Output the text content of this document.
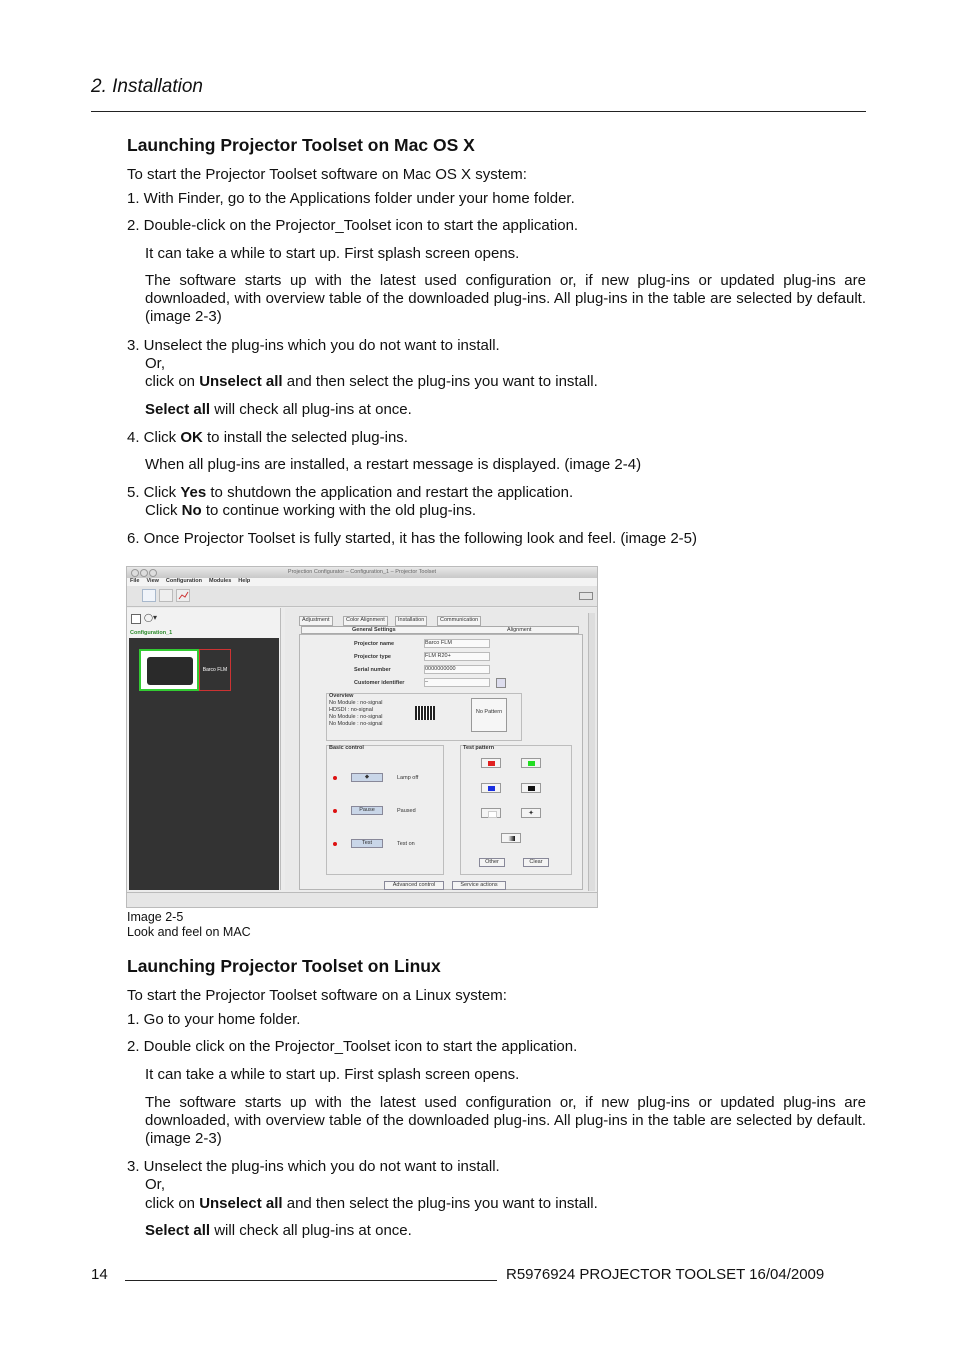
2. Installation
Launching Projector Toolset on Mac OS X
To start the Projector Toolset software on Mac OS X system:
1. With Finder, go to the Applications folder under your home folder.
2. Double-click on the Projector_Toolset icon to start the application.
It can take a while to start up. First splash screen opens.
The software starts up with the latest used configuration or, if new plug-ins or updated plug-ins are downloaded, with overview table of the downloaded plug-ins. All plug-ins in the table are selected by default. (image 2-3)
3. Unselect the plug-ins which you do not want to install.
Or,
click on Unselect all and then select the plug-ins you want to install.
Select all will check all plug-ins at once.
4. Click OK to install the selected plug-ins.
When all plug-ins are installed, a restart message is displayed. (image 2-4)
5. Click Yes to shutdown the application and restart the application.
Click No to continue working with the old plug-ins.
6. Once Projector Toolset is fully started, it has the following look and feel. (image 2-5)
Projection Configurator – Configuration_1 – Projector Toolset
File View Configuration Modules Help
◯▾
Configuration_1
Barco FLM
Adjustment	Color Alignment	Installation	Communication
General Settings	Alignment
Projector name	Barco FLM
Projector type	FLM R20+
Serial number	0000000000
Customer identifier	–
Overview
No Module : no-signal
HDSDI : no-signal
No Module : no-signal
No Module : no-signal
No Pattern
Basic control
◆	Lamp off
Pause	Paused
Test	Test on
Test pattern
✦
Other	Clear
Advanced control	Service actions
Image 2-5
Look and feel on MAC
Launching Projector Toolset on Linux
To start the Projector Toolset software on a Linux system:
1. Go to your home folder.
2. Double click on the Projector_Toolset icon to start the application.
It can take a while to start up. First splash screen opens.
The software starts up with the latest used configuration or, if new plug-ins or updated plug-ins are downloaded, with overview table of the downloaded plug-ins. All plug-ins in the table are selected by default. (image 2-3)
3. Unselect the plug-ins which you do not want to install.
Or,
click on Unselect all and then select the plug-ins you want to install.
Select all will check all plug-ins at once.
14	R5976924 PROJECTOR TOOLSET 16/04/2009
